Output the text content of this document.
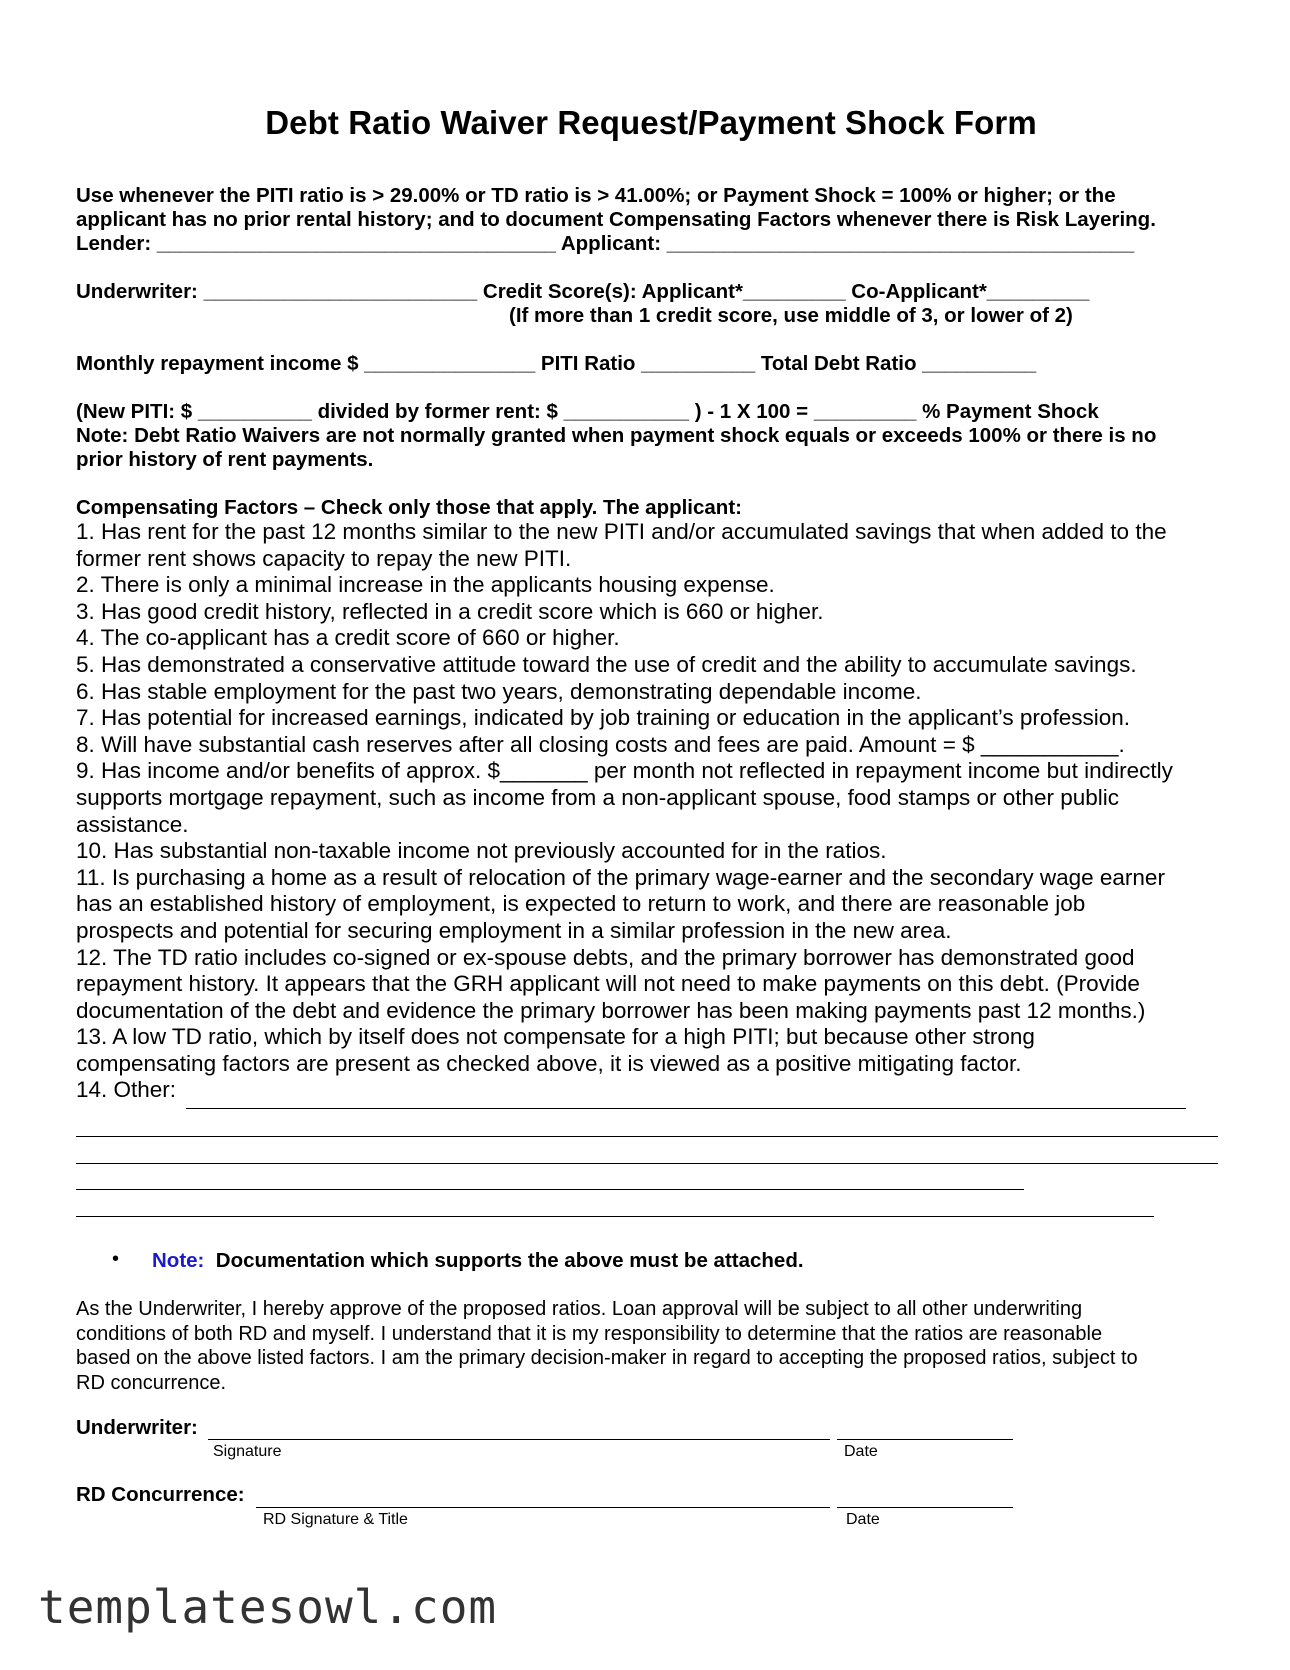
Debt Ratio Waiver Request/Payment Shock Form
Use whenever the PITI ratio is > 29.00% or TD ratio is > 41.00%; or Payment Shock = 100% or higher; or the
applicant has no prior rental history; and to document Compensating Factors whenever there is Risk Layering.
Lender: ___________________________________ Applicant: _________________________________________
Underwriter: ________________________ Credit Score(s): Applicant*_________ Co-Applicant*_________
(If more than 1 credit score, use middle of 3, or lower of 2)
Monthly repayment income $ _______________ PITI Ratio __________ Total Debt Ratio __________
(New PITI: $ __________ divided by former rent: $ ___________ ) - 1 X 100 = _________ % Payment Shock
Note: Debt Ratio Waivers are not normally granted when payment shock equals or exceeds 100% or there is no
prior history of rent payments.
Compensating Factors – Check only those that apply. The applicant:
1. Has rent for the past 12 months similar to the new PITI and/or accumulated savings that when added to the
former rent shows capacity to repay the new PITI.
2. There is only a minimal increase in the applicants housing expense.
3. Has good credit history, reflected in a credit score which is 660 or higher.
4. The co-applicant has a credit score of 660 or higher.
5. Has demonstrated a conservative attitude toward the use of credit and the ability to accumulate savings.
6. Has stable employment for the past two years, demonstrating dependable income.
7. Has potential for increased earnings, indicated by job training or education in the applicant’s profession.
8. Will have substantial cash reserves after all closing costs and fees are paid. Amount = $ ___________.
9. Has income and/or benefits of approx. $_______ per month not reflected in repayment income but indirectly
supports mortgage repayment, such as income from a non-applicant spouse, food stamps or other public
assistance.
10. Has substantial non-taxable income not previously accounted for in the ratios.
11. Is purchasing a home as a result of relocation of the primary wage-earner and the secondary wage earner
has an established history of employment, is expected to return to work, and there are reasonable job
prospects and potential for securing employment in a similar profession in the new area.
12. The TD ratio includes co-signed or ex-spouse debts, and the primary borrower has demonstrated good
repayment history. It appears that the GRH applicant will not need to make payments on this debt. (Provide
documentation of the debt and evidence the primary borrower has been making payments past 12 months.)
13. A low TD ratio, which by itself does not compensate for a high PITI; but because other strong
compensating factors are present as checked above, it is viewed as a positive mitigating factor.
14. Other:
• Note: Documentation which supports the above must be attached.
As the Underwriter, I hereby approve of the proposed ratios. Loan approval will be subject to all other underwriting
conditions of both RD and myself. I understand that it is my responsibility to determine that the ratios are reasonable
based on the above listed factors. I am the primary decision-maker in regard to accepting the proposed ratios, subject to
RD concurrence.
Underwriter:
Signature	Date
RD Concurrence:
RD Signature & Title	Date
templatesowl.com
